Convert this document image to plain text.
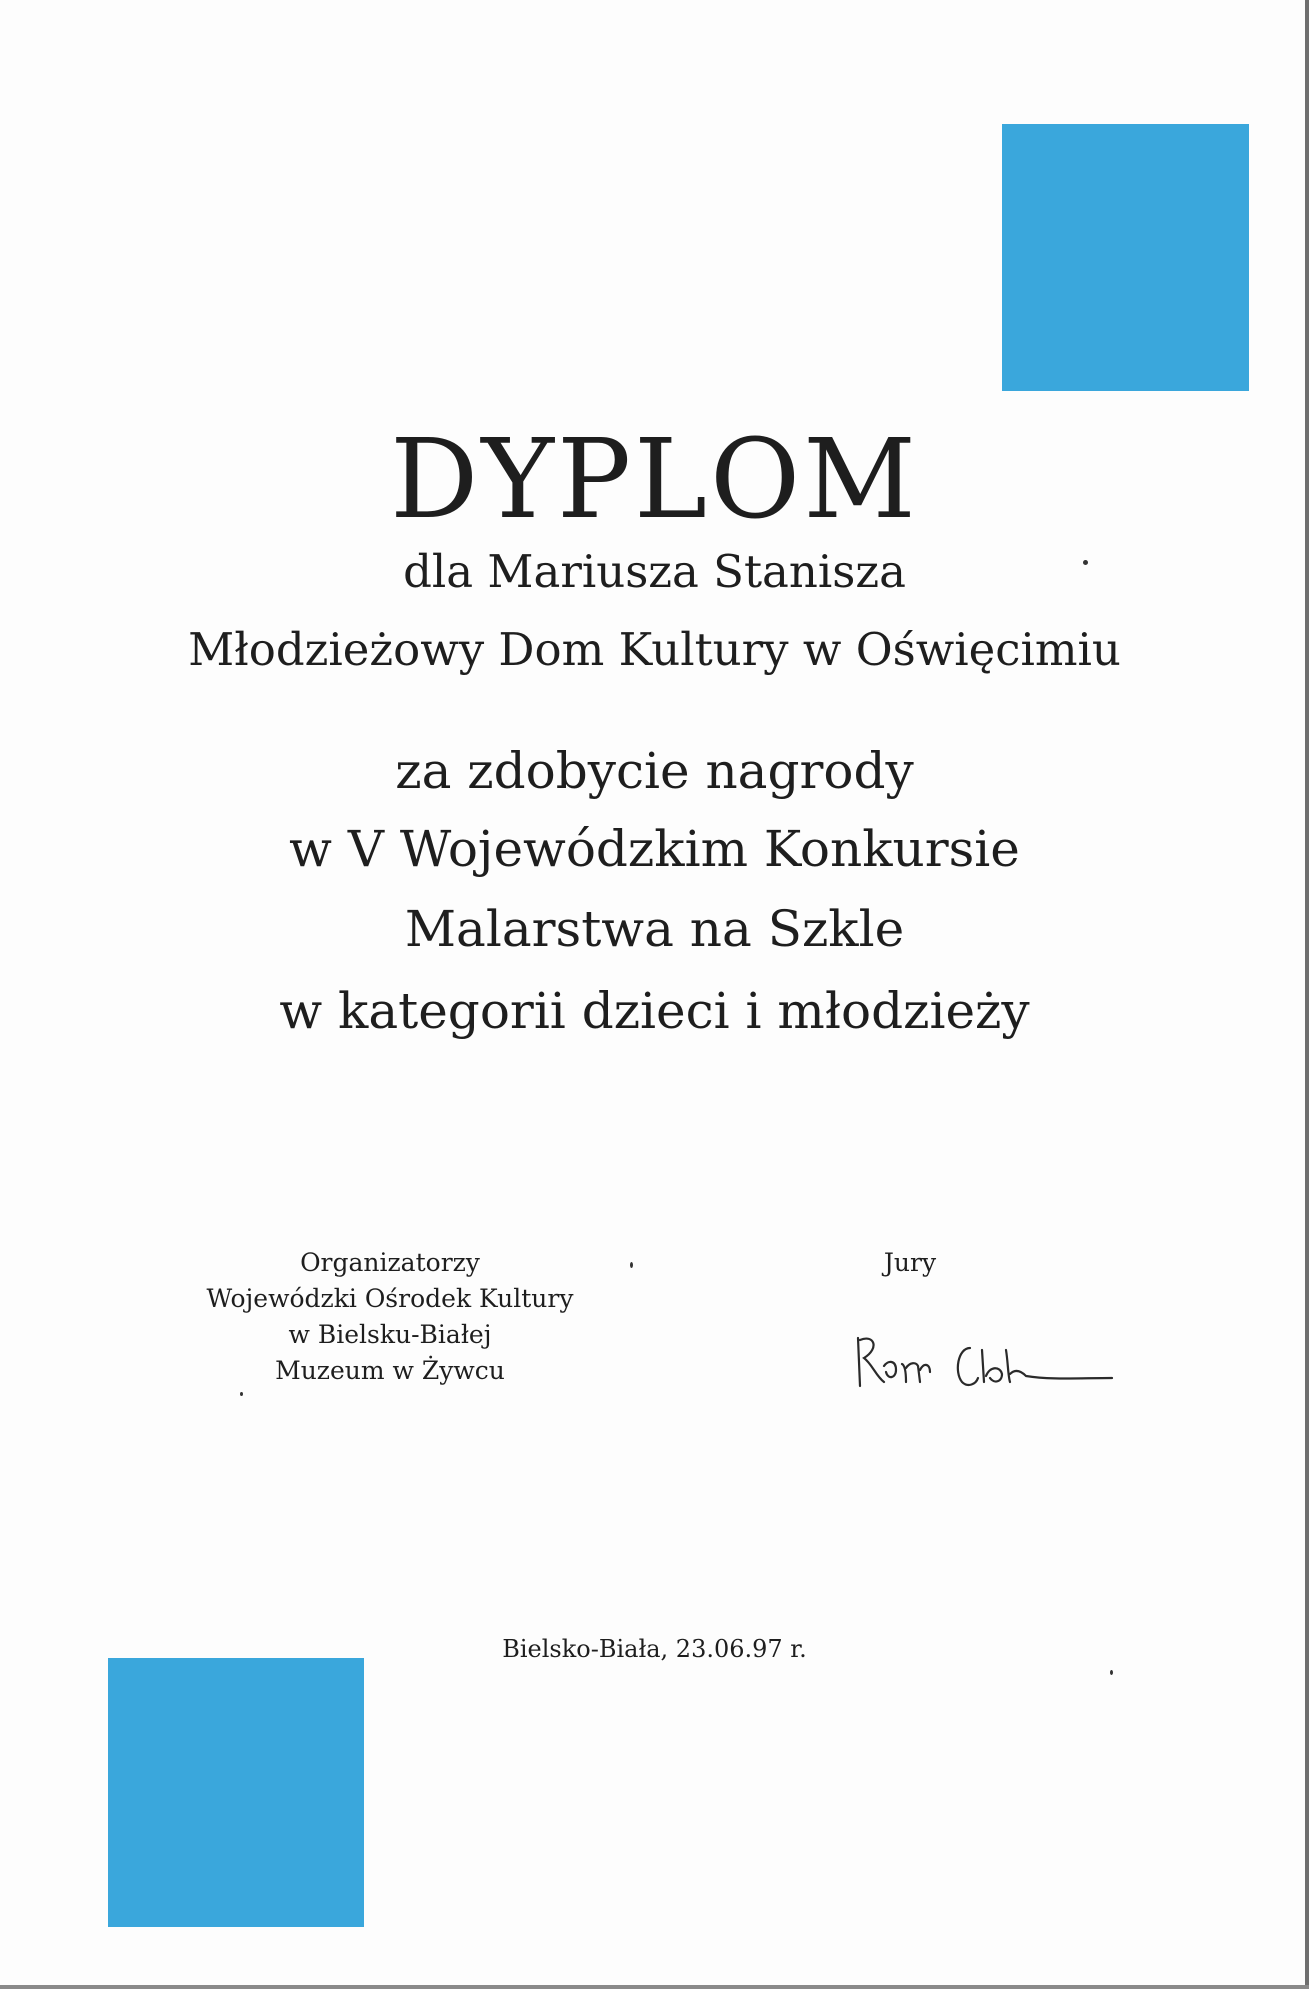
DYPLOM
dla Mariusza Stanisza
Młodzieżowy Dom Kultury w Oświęcimiu
za zdobycie nagrody
w V Wojewódzkim Konkursie
Malarstwa na Szkle
w kategorii dzieci i młodzieży
Organizatorzy
Wojewódzki Ośrodek Kultury
w Bielsku-Białej
Muzeum w Żywcu
Jury
Bielsko-Biała, 23.06.97 r.
